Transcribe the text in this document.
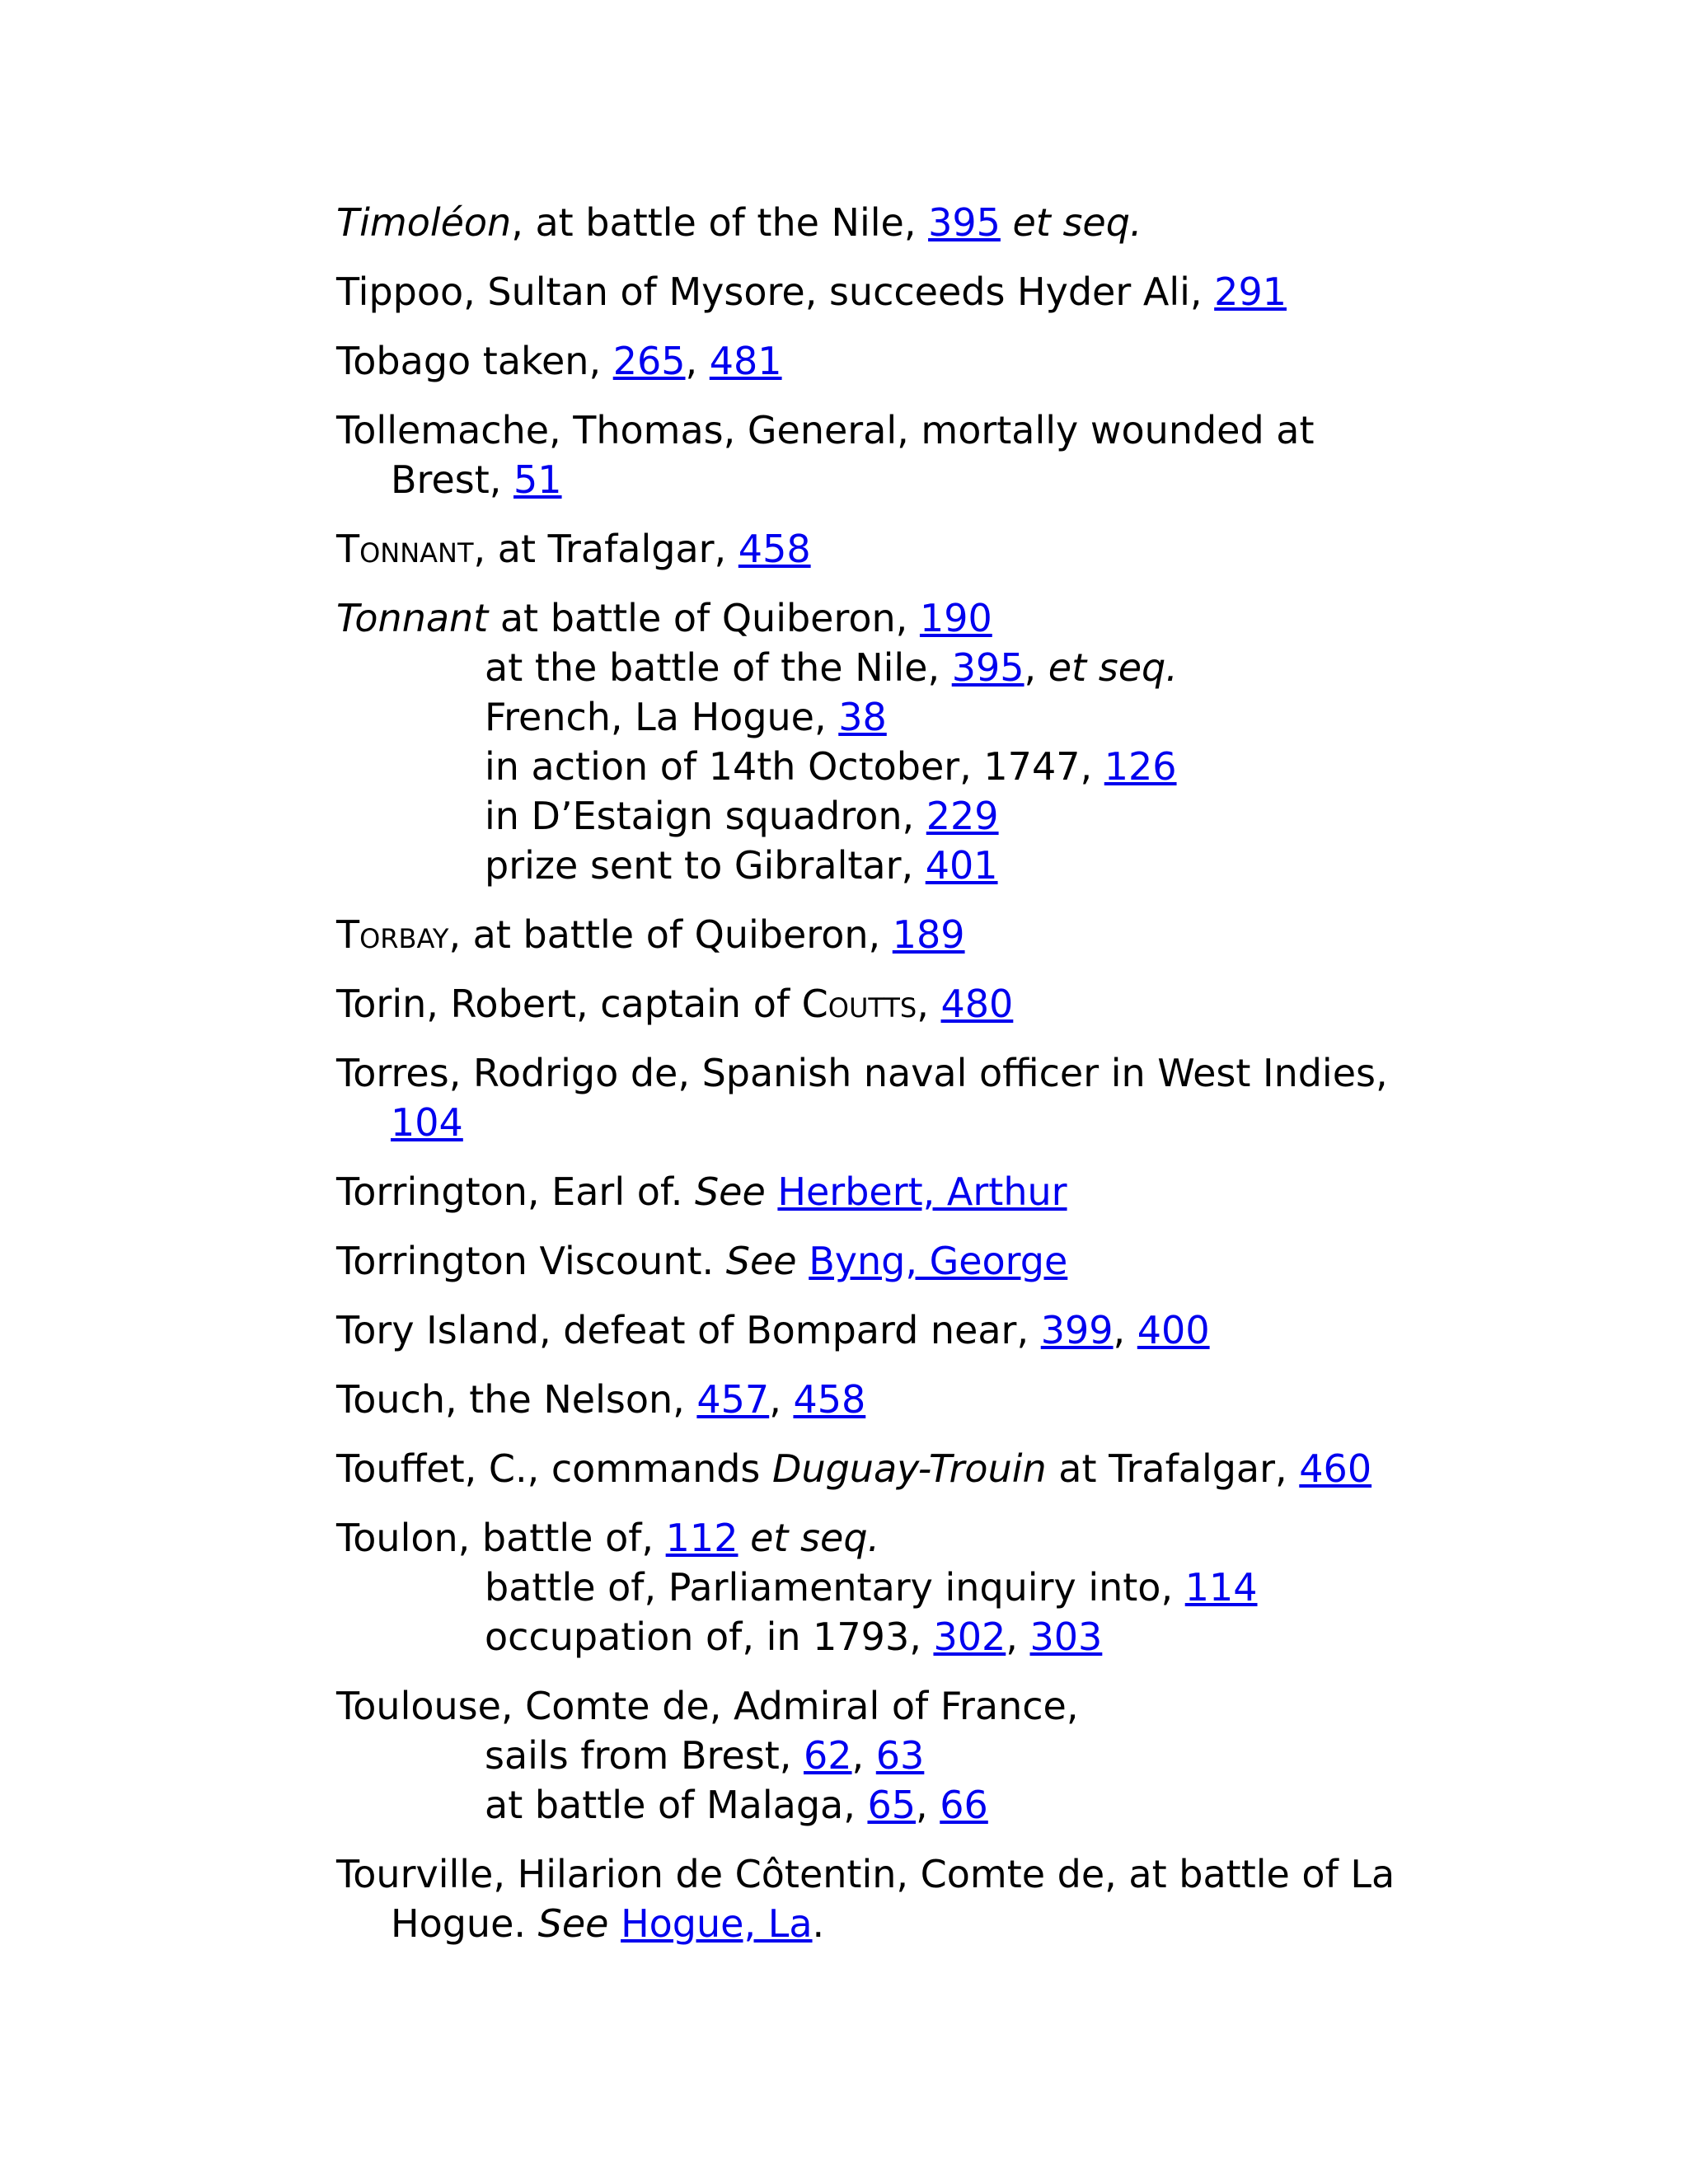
Timoléon, at battle of the Nile, 395 et seq.

Tippoo, Sultan of Mysore, succeeds Hyder Ali, 291

Tobago taken, 265, 481

Tollemache, Thomas, General, mortally wounded at Brest, 51

Tonnant, at Trafalgar, 458

Tonnant at battle of Quiberon, 190
at the battle of the Nile, 395, et seq.
French, La Hogue, 38
in action of 14th October, 1747, 126
in D’Estaign squadron, 229
prize sent to Gibraltar, 401

Torbay, at battle of Quiberon, 189

Torin, Robert, captain of Coutts, 480

Torres, Rodrigo de, Spanish naval officer in West Indies, 104

Torrington, Earl of. See Herbert, Arthur

Torrington Viscount. See Byng, George

Tory Island, defeat of Bompard near, 399, 400

Touch, the Nelson, 457, 458

Touffet, C., commands Duguay-Trouin at Trafalgar, 460

Toulon, battle of, 112 et seq.
battle of, Parliamentary inquiry into, 114
occupation of, in 1793, 302, 303

Toulouse, Comte de, Admiral of France,
sails from Brest, 62, 63
at battle of Malaga, 65, 66

Tourville, Hilarion de Côtentin, Comte de, at battle of La Hogue. See Hogue, La.
